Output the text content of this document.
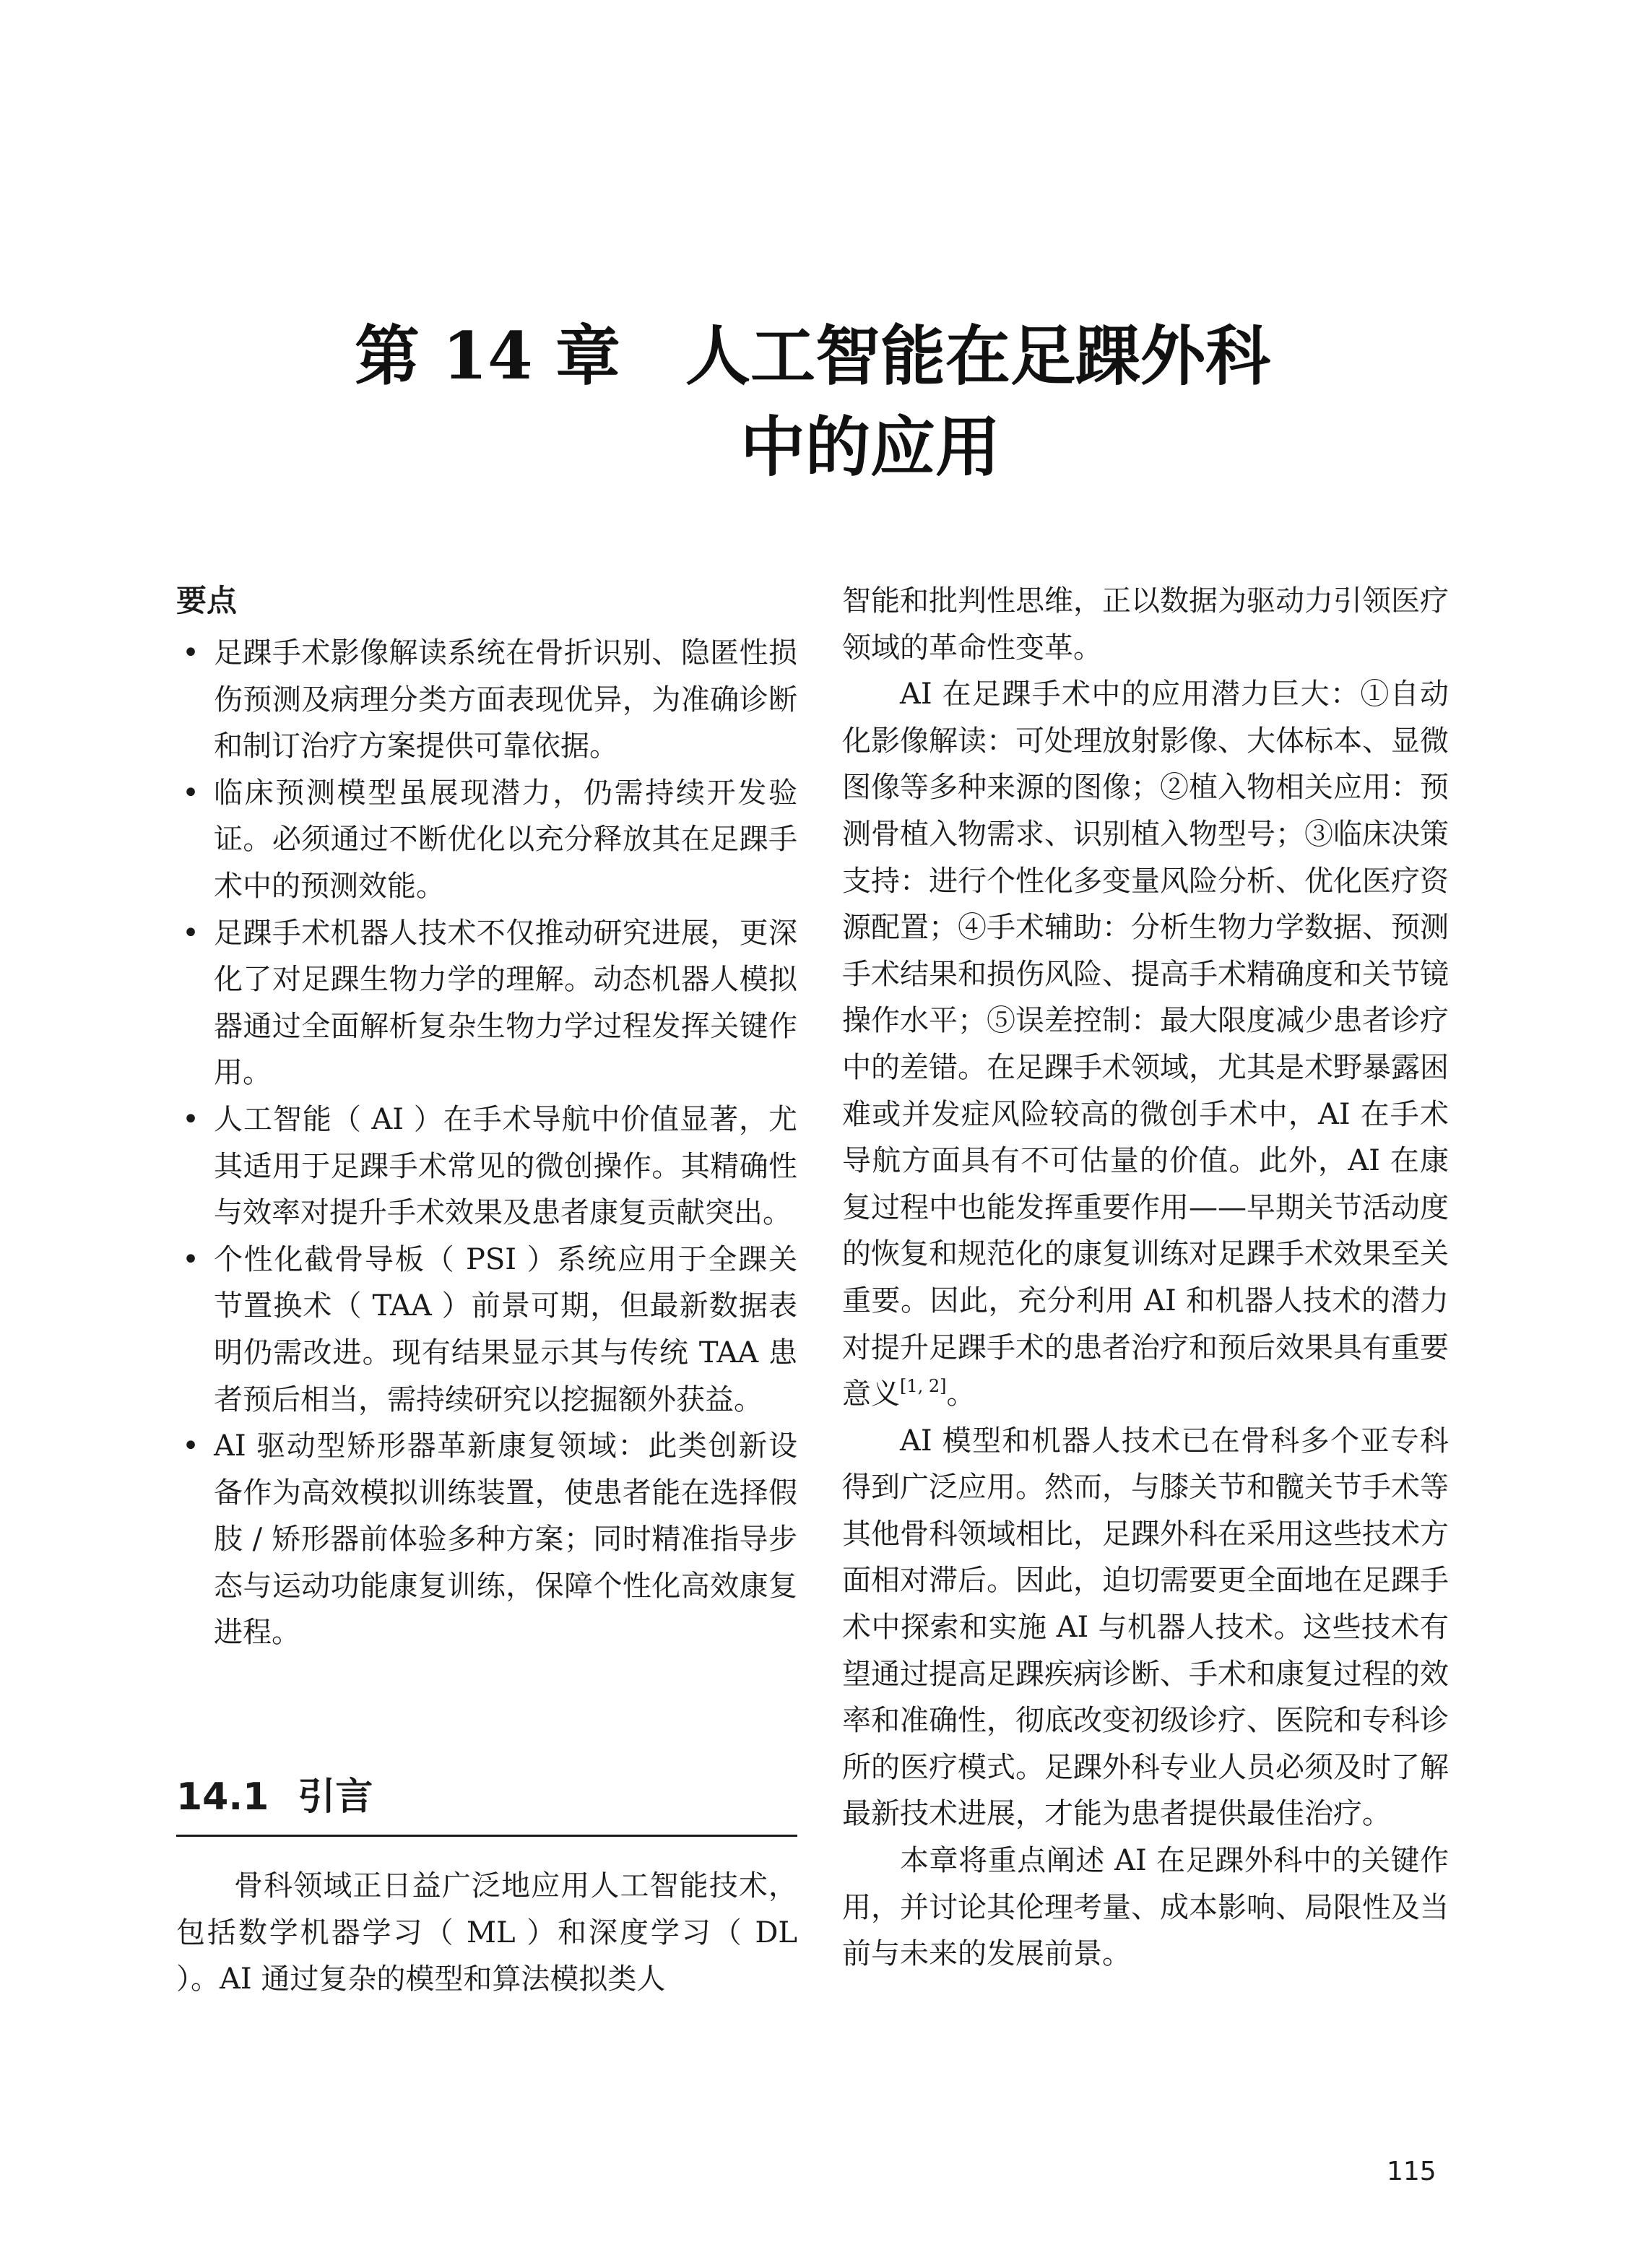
第 14 章 人工智能在足踝外科
中的应用
要点
• 足踝手术影像解读系统在骨折识别、隐匿性损伤预测及病理分类方面表现优异，为准确诊断和制订治疗方案提供可靠依据。
• 临床预测模型虽展现潜力，仍需持续开发验证。必须通过不断优化以充分释放其在足踝手术中的预测效能。
• 足踝手术机器人技术不仅推动研究进展，更深化了对足踝生物力学的理解。动态机器人模拟器通过全面解析复杂生物力学过程发挥关键作用。
• 人工智能（ AI ）在手术导航中价值显著，尤其适用于足踝手术常见的微创操作。其精确性与效率对提升手术效果及患者康复贡献突出。
• 个性化截骨导板（ PSI ）系统应用于全踝关节置换术（ TAA ）前景可期，但最新数据表明仍需改进。现有结果显示其与传统 TAA 患者预后相当，需持续研究以挖掘额外获益。
• AI 驱动型矫形器革新康复领域：此类创新设备作为高效模拟训练装置，使患者能在选择假肢 / 矫形器前体验多种方案；同时精准指导步态与运动功能康复训练，保障个性化高效康复进程。
14.1 引言

骨科领域正日益广泛地应用人工智能技术，包括数学机器学习（ ML ）和深度学习（ DL ）。AI 通过复杂的模型和算法模拟类人

智能和批判性思维，正以数据为驱动力引领医疗领域的革命性变革。

AI 在足踝手术中的应用潜力巨大：①自动化影像解读：可处理放射影像、大体标本、显微图像等多种来源的图像；②植入物相关应用：预测骨植入物需求、识别植入物型号；③临床决策支持：进行个性化多变量风险分析、优化医疗资源配置；④手术辅助：分析生物力学数据、预测手术结果和损伤风险、提高手术精确度和关节镜操作水平；⑤误差控制：最大限度减少患者诊疗中的差错。在足踝手术领域，尤其是术野暴露困难或并发症风险较高的微创手术中，AI 在手术导航方面具有不可估量的价值。此外，AI 在康复过程中也能发挥重要作用——早期关节活动度的恢复和规范化的康复训练对足踝手术效果至关重要。因此，充分利用 AI 和机器人技术的潜力对提升足踝手术的患者治疗和预后效果具有重要意义[1, 2]。

AI 模型和机器人技术已在骨科多个亚专科得到广泛应用。然而，与膝关节和髋关节手术等其他骨科领域相比，足踝外科在采用这些技术方面相对滞后。因此，迫切需要更全面地在足踝手术中探索和实施 AI 与机器人技术。这些技术有望通过提高足踝疾病诊断、手术和康复过程的效率和准确性，彻底改变初级诊疗、医院和专科诊所的医疗模式。足踝外科专业人员必须及时了解最新技术进展，才能为患者提供最佳治疗。

本章将重点阐述 AI 在足踝外科中的关键作用，并讨论其伦理考量、成本影响、局限性及当前与未来的发展前景。

115
